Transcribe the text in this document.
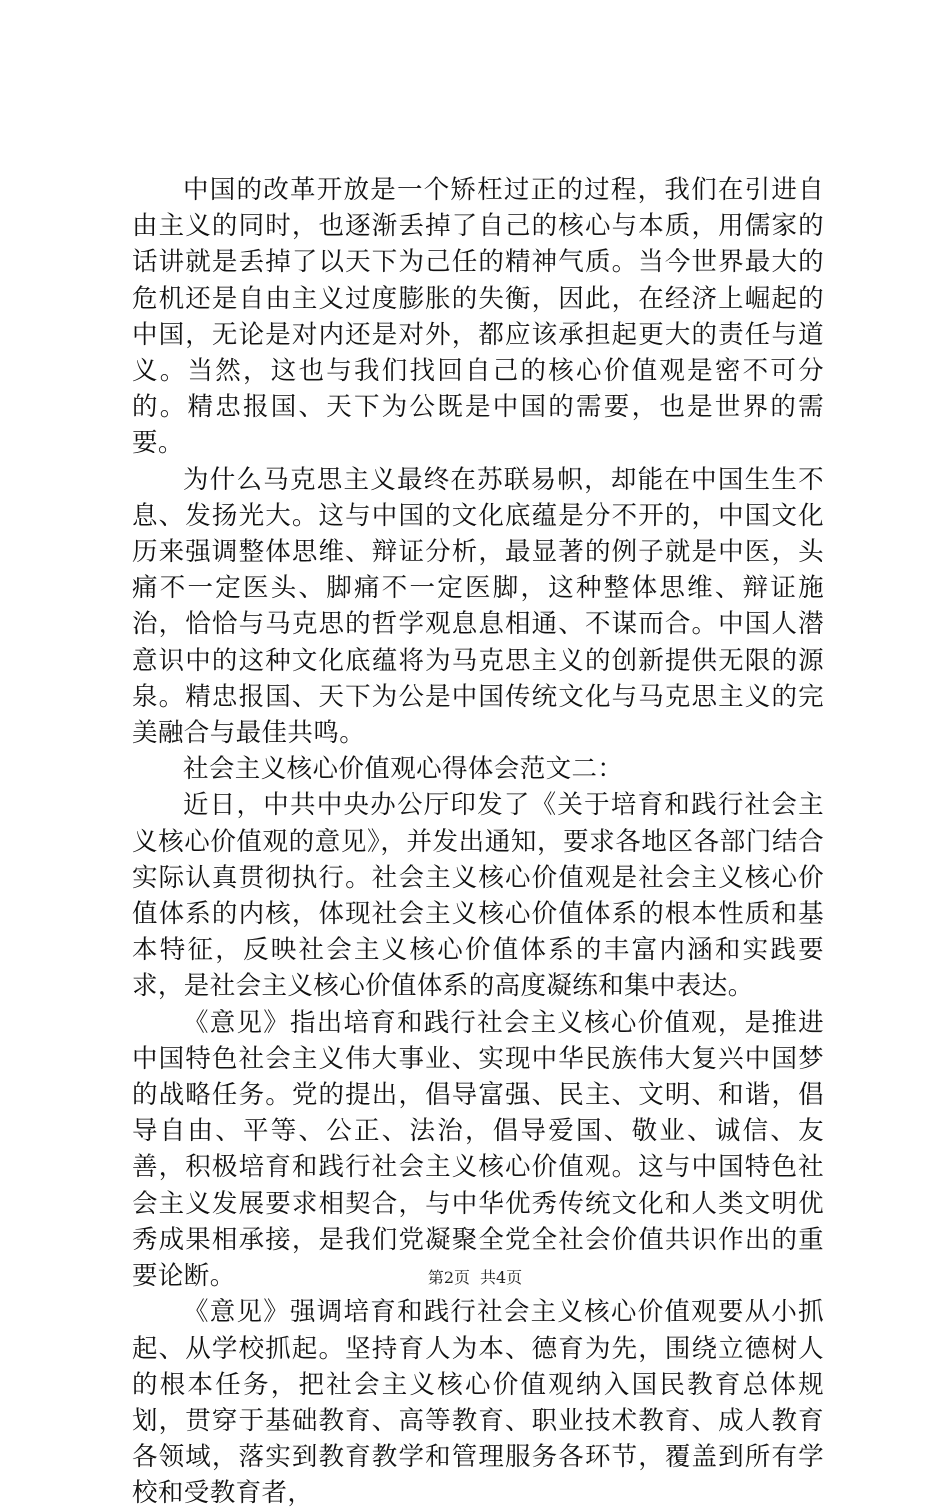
中国的改革开放是一个矫枉过正的过程，我们在引进自由主义的同时，也逐渐丢掉了自己的核心与本质，用儒家的话讲就是丢掉了以天下为己任的精神气质。当今世界最大的危机还是自由主义过度膨胀的失衡，因此，在经济上崛起的中国，无论是对内还是对外，都应该承担起更大的责任与道义。当然，这也与我们找回自己的核心价值观是密不可分的。精忠报国、天下为公既是中国的需要，也是世界的需要。

为什么马克思主义最终在苏联易帜，却能在中国生生不息、发扬光大。这与中国的文化底蕴是分不开的，中国文化历来强调整体思维、辩证分析，最显著的例子就是中医，头痛不一定医头、脚痛不一定医脚，这种整体思维、辩证施治，恰恰与马克思的哲学观息息相通、不谋而合。中国人潜意识中的这种文化底蕴将为马克思主义的创新提供无限的源泉。精忠报国、天下为公是中国传统文化与马克思主义的完美融合与最佳共鸣。

社会主义核心价值观心得体会范文二：

近日，中共中央办公厅印发了《关于培育和践行社会主义核心价值观的意见》，并发出通知，要求各地区各部门结合实际认真贯彻执行。社会主义核心价值观是社会主义核心价值体系的内核，体现社会主义核心价值体系的根本性质和基本特征，反映社会主义核心价值体系的丰富内涵和实践要求，是社会主义核心价值体系的高度凝练和集中表达。

《意见》指出培育和践行社会主义核心价值观，是推进中国特色社会主义伟大事业、实现中华民族伟大复兴中国梦的战略任务。党的提出，倡导富强、民主、文明、和谐，倡导自由、平等、公正、法治，倡导爱国、敬业、诚信、友善，积极培育和践行社会主义核心价值观。这与中国特色社会主义发展要求相契合，与中华优秀传统文化和人类文明优秀成果相承接，是我们党凝聚全党全社会价值共识作出的重要论断。

《意见》强调培育和践行社会主义核心价值观要从小抓起、从学校抓起。坚持育人为本、德育为先，围绕立德树人的根本任务，把社会主义核心价值观纳入国民教育总体规划，贯穿于基础教育、高等教育、职业技术教育、成人教育各领域，落实到教育教学和管理服务各环节，覆盖到所有学校和受教育者，

第2页 共4页
